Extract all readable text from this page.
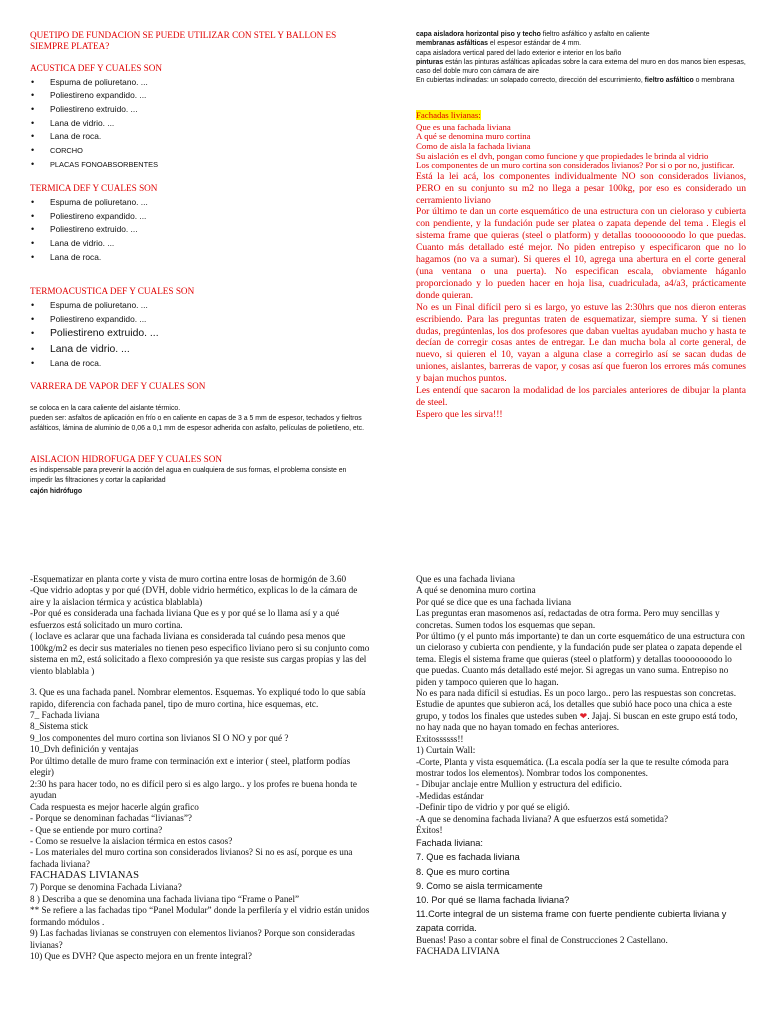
QUETIPO DE FUNDACION SE PUEDE UTILIZAR CON STEL Y BALLON ES SIEMPRE PLATEA?

ACUSTICA DEF Y CUALES SON

• Espuma de poliuretano. ...
• Poliestireno expandido. ...
• Poliestireno extruido. ...
• Lana de vidrio. ...
• Lana de roca.
• CORCHO
• PLACAS FONOABSORBENTES

TERMICA DEF Y CUALES SON

• Espuma de poliuretano. ...
• Poliestireno expandido. ...
• Poliestireno extruido. ...
• Lana de vidrio. ...
• Lana de roca.

TERMOACUSTICA DEF Y CUALES SON

• Espuma de poliuretano. ...
• Poliestireno expandido. ...
• Poliestireno extruido. ...
• Lana de vidrio. ...
• Lana de roca.

VARRERA DE VAPOR DEF Y CUALES SON

se coloca en la cara caliente del aislante térmico.

pueden ser: asfaltos de aplicación en frío o en caliente en capas de 3 a 5 mm de espesor, techados y fieltros asfálticos, lámina de aluminio de 0,06 a 0,1 mm de espesor adherida con asfalto, películas de polietileno, etc.

AISLACION HIDROFUGA DEF Y CUALES SON

es indispensable para prevenir la acción del agua en cualquiera de sus formas, el problema consiste en impedir las filtraciones y cortar la capilaridad

cajón hidrófugo

capa aisladora horizontal piso y techo fieltro asfáltico y asfalto en caliente

membranas asfálticas el espesor estándar de 4 mm.

capa aisladora vertical pared del lado exterior e interior en los baño

pinturas están las pinturas asfálticas aplicadas sobre la cara externa del muro en dos manos bien espesas, caso del doble muro con cámara de aire

En cubiertas inclinadas: un solapado correcto, dirección del escurrimiento, fieltro asfáltico o membrana

Fachadas livianas:

Que es una fachada liviana

A qué se denomina muro cortina

Como de aisla la fachada liviana

Su aislación es el dvh, pongan como funcione y que propiedades le brinda al vidrio

Los componentes de un muro cortina son considerados livianos? Por si o por no, justificar.

Está la lei acá, los componentes individualmente NO son considerados livianos, PERO en su conjunto su m2 no llega a pesar 100kg, por eso es considerado un cerramiento liviano

Por último te dan un corte esquemático de una estructura con un cieloraso y cubierta con pendiente, y la fundación pude ser platea o zapata depende del tema . Elegis el sistema frame que quieras (steel o platform) y detallas toooooooodo lo que puedas. Cuanto más detallado esté mejor. No piden entrepiso y especificaron que no lo hagamos (no va a sumar). Si queres el 10, agrega una abertura en el corte general (una ventana o una puerta). No especifican escala, obviamente háganlo proporcionado y lo pueden hacer en hoja lisa, cuadriculada, a4/a3, prácticamente donde quieran.

No es un Final difícil pero si es largo, yo estuve las 2:30hrs que nos dieron enteras escribiendo. Para las preguntas traten de esquematizar, siempre suma. Y si tienen dudas, pregúntenlas, los dos profesores que daban vueltas ayudaban mucho y hasta te decían de corregir cosas antes de entregar. Le dan mucha bola al corte general, de nuevo, si quieren el 10, vayan a alguna clase a corregirlo así se sacan dudas de uniones, aislantes, barreras de vapor, y cosas así que fueron los errores más comunes y bajan muchos puntos.

Les entendí que sacaron la modalidad de los parciales anteriores de dibujar la planta de steel.

Espero que les sirva!!!

-Esquematizar en planta corte y vista de muro cortina entre losas de hormigón de 3.60

-Que vidrio adoptas y por qué (DVH, doble vidrio hermético, explicas lo de la cámara de aire y la aislacion térmica y acústica blablabla)

-Por qué es considerada una fachada liviana Que es y por qué se lo llama así y a qué esfuerzos está solicitado un muro cortina.

( loclave es aclarar que una fachada liviana es considerada tal cuándo pesa menos que 100kg/m2 es decir sus materiales no tienen peso especifico liviano pero si su conjunto como sistema en m2, está solicitado a flexo compresión ya que resiste sus cargas propias y las del viento blablabla )

3. Que es una fachada panel. Nombrar elementos. Esquemas. Yo expliqué todo lo que sabía rapido, diferencia con fachada panel, tipo de muro cortina, hice esquemas, etc.

7_ Fachada liviana

8_Sistema stick

9_los componentes del muro cortina son livianos SI O NO y por qué ?

10_Dvh definición y ventajas

Por último detalle de muro frame con terminación ext e interior ( steel, platform podías elegir)

2:30 hs para hacer todo, no es difícil pero si es algo largo.. y los profes re buena honda te ayudan

Cada respuesta es mejor hacerle algún grafico

- Porque se denominan fachadas “livianas”?

- Que se entiende por muro cortina?

- Como se resuelve la aislacion térmica en estos casos?

- Los materiales del muro cortina son considerados livianos? Si no es así, porque es una fachada liviana?

FACHADAS LIVIANAS

7) Porque se denomina Fachada Liviana?

8 ) Describa a que se denomina una fachada liviana tipo “Frame o Panel”

** Se refiere a las fachadas tipo “Panel Modular” donde la perfilería y el vidrio están unidos formando módulos .

9) Las fachadas livianas se construyen con elementos livianos? Porque son consideradas livianas?

10) Que es DVH? Que aspecto mejora en un frente integral?

Que es una fachada liviana

A qué se denomina muro cortina

Por qué se dice que es una fachada liviana

Las preguntas eran masomenos así, redactadas de otra forma. Pero muy sencillas y concretas. Sumen todos los esquemas que sepan.

Por último (y el punto más importante) te dan un corte esquemático de una estructura con un cieloraso y cubierta con pendiente, y la fundación pude ser platea o zapata depende el tema. Elegis el sistema frame que quieras (steel o platform) y detallas toooooooodo lo que puedas. Cuanto más detallado esté mejor. Si agregas un vano suma. Entrepiso no piden y tampoco quieren que lo hagan.

No es para nada difícil si estudias. Es un poco largo.. pero las respuestas son concretas.

Estudie de apuntes que subieron acá, los detalles que subió hace poco una chica a este grupo, y todos los finales que ustedes suben ❤. Jajaj. Si buscan en este grupo está todo, no hay nada que no hayan tomado en fechas anteriores.

Exitossssss!!

1) Curtain Wall:

-Corte, Planta y vista esquemática. (La escala podía ser la que te resulte cómoda para mostrar todos los elementos). Nombrar todos los componentes.

- Dibujar anclaje entre Mullion y estructura del edificio.

-Medidas estándar

-Definir tipo de vidrio y por qué se eligió.

-A que se denomina fachada liviana? A que esfuerzos está sometida?

Éxitos!

Fachada liviana:

7. Que es fachada liviana

8. Que es muro cortina

9. Como se aisla termicamente

10. Por qué se llama fachada liviana?

11.Corte integral de un sistema frame con fuerte pendiente cubierta liviana y zapata corrida.

Buenas! Paso a contar sobre el final de Construcciones 2 Castellano.

FACHADA LIVIANA
